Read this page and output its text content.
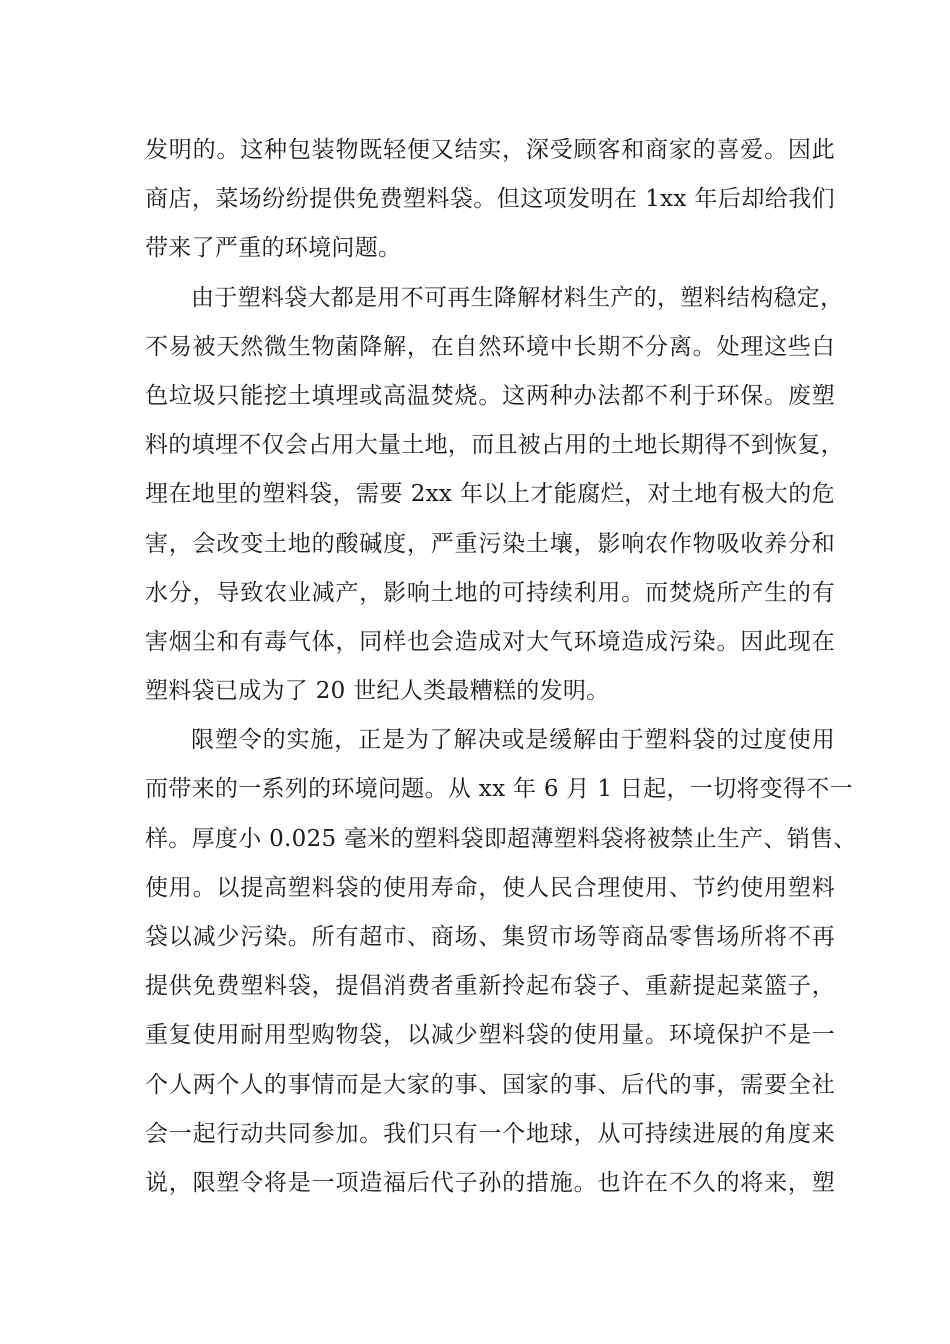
发明的。这种包装物既轻便又结实，深受顾客和商家的喜爱。因此
商店，菜场纷纷提供免费塑料袋。但这项发明在 1xx 年后却给我们
带来了严重的环境问题。
由于塑料袋大都是用不可再生降解材料生产的，塑料结构稳定，
不易被天然微生物菌降解，在自然环境中长期不分离。处理这些白
色垃圾只能挖土填埋或高温焚烧。这两种办法都不利于环保。废塑
料的填埋不仅会占用大量土地，而且被占用的土地长期得不到恢复，
埋在地里的塑料袋，需要 2xx 年以上才能腐烂，对土地有极大的危
害，会改变土地的酸碱度，严重污染土壤，影响农作物吸收养分和
水分，导致农业减产，影响土地的可持续利用。而焚烧所产生的有
害烟尘和有毒气体，同样也会造成对大气环境造成污染。因此现在
塑料袋已成为了 20 世纪人类最糟糕的发明。
限塑令的实施，正是为了解决或是缓解由于塑料袋的过度使用
而带来的一系列的环境问题。从 xx 年 6 月 1 日起，一切将变得不一
样。厚度小 0.025 毫米的塑料袋即超薄塑料袋将被禁止生产、销售、
使用。以提高塑料袋的使用寿命，使人民合理使用、节约使用塑料
袋以减少污染。所有超市、商场、集贸市场等商品零售场所将不再
提供免费塑料袋，提倡消费者重新拎起布袋子、重薪提起菜篮子，
重复使用耐用型购物袋，以减少塑料袋的使用量。环境保护不是一
个人两个人的事情而是大家的事、国家的事、后代的事，需要全社
会一起行动共同参加。我们只有一个地球，从可持续进展的角度来
说，限塑令将是一项造福后代子孙的措施。也许在不久的将来，塑
